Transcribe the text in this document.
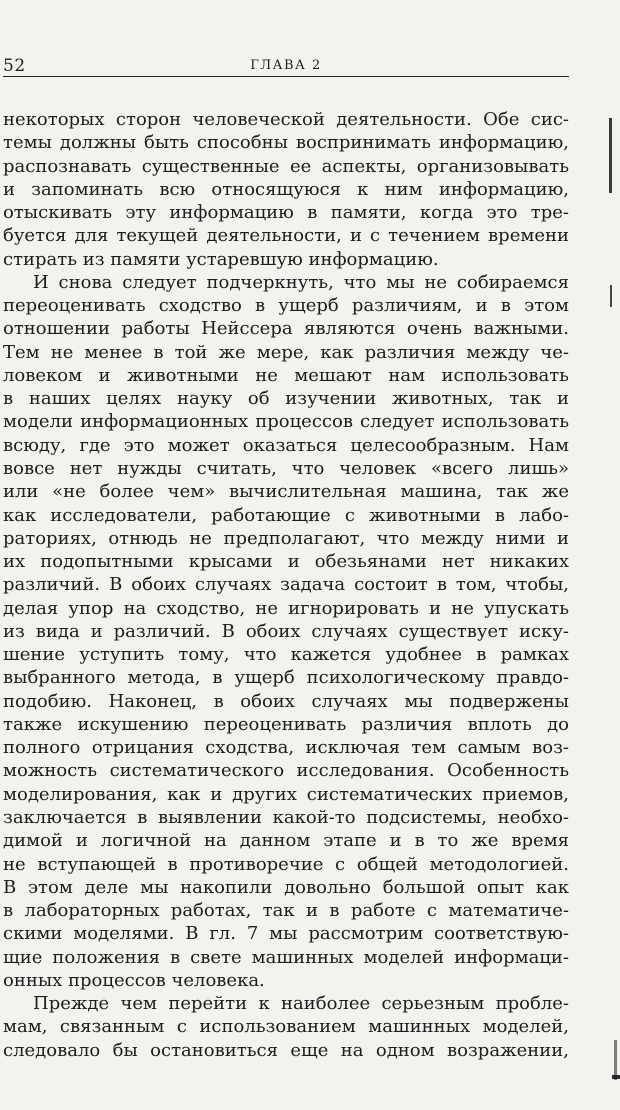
52	ГЛАВА 2
некоторых сторон человеческой деятельности. Обе сис-
темы должны быть способны воспринимать информацию,
распознавать существенные ее аспекты, организовывать
и запоминать всю относящуюся к ним информацию,
отыскивать эту информацию в памяти, когда это тре-
буется для текущей деятельности, и с течением времени
стирать из памяти устаревшую информацию.
И снова следует подчеркнуть, что мы не собираемся
переоценивать сходство в ущерб различиям, и в этом
отношении работы Нейссера являются очень важными.
Тем не менее в той же мере, как различия между че-
ловеком и животными не мешают нам использовать
в наших целях науку об изучении животных, так и
модели информационных процессов следует использовать
всюду, где это может оказаться целесообразным. Нам
вовсе нет нужды считать, что человек «всего лишь»
или «не более чем» вычислительная машина, так же
как исследователи, работающие с животными в лабо-
раториях, отнюдь не предполагают, что между ними и
их подопытными крысами и обезьянами нет никаких
различий. В обоих случаях задача состоит в том, чтобы,
делая упор на сходство, не игнорировать и не упускать
из вида и различий. В обоих случаях существует иску-
шение уступить тому, что кажется удобнее в рамках
выбранного метода, в ущерб психологическому правдо-
подобию. Наконец, в обоих случаях мы подвержены
также искушению переоценивать различия вплоть до
полного отрицания сходства, исключая тем самым воз-
можность систематического исследования. Особенность
моделирования, как и других систематических приемов,
заключается в выявлении какой-то подсистемы, необхо-
димой и логичной на данном этапе и в то же время
не вступающей в противоречие с общей методологией.
В этом деле мы накопили довольно большой опыт как
в лабораторных работах, так и в работе с математиче-
скими моделями. В гл. 7 мы рассмотрим соответствую-
щие положения в свете машинных моделей информаци-
онных процессов человека.
Прежде чем перейти к наиболее серьезным пробле-
мам, связанным с использованием машинных моделей,
следовало бы остановиться еще на одном возражении,
